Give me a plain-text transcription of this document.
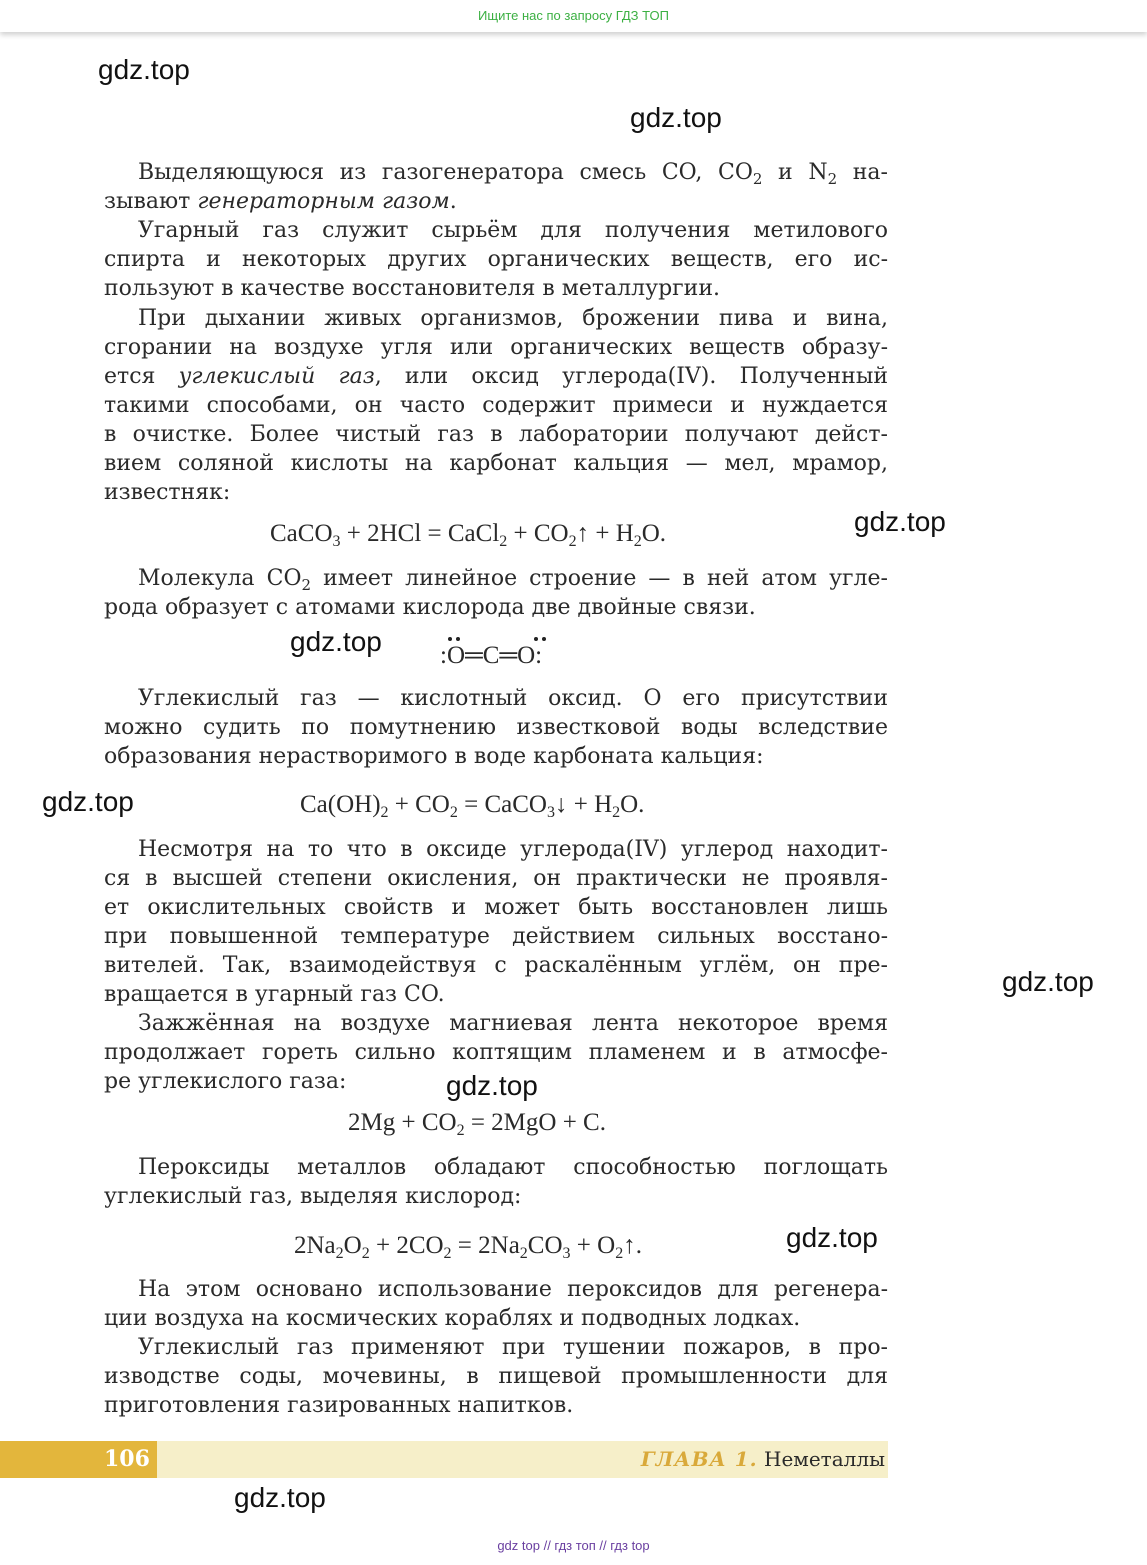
Ищите нас по запросу ГДЗ ТОП
gdz.top
gdz.top
gdz.top
gdz.top
gdz.top
gdz.top
gdz.top
gdz.top
gdz.top
Выделяющуюся из газогенератора смесь CO, $CO_2$ и $N_2$ на-
зывают генераторным газом.
Угарный газ служит сырьём для получения метилового
спирта и некоторых других органических веществ, его ис-
пользуют в качестве восстановителя в металлургии.
При дыхании живых организмов, брожении пива и вина,
сгорании на воздухе угля или органических веществ образу-
ется углекислый газ, или оксид углерода(IV). Полученный
такими способами, он часто содержит примеси и нуждается
в очистке. Более чистый газ в лаборатории получают дейст-
вием соляной кислоты на карбонат кальция — мел, мрамор,
известняк:
CaCO$_3$ + 2HCl = CaCl$_2$ + $CO_2↑ + H_2O$.
Молекула $CO_2$ имеет линейное строение — в ней атом угле-
рода образует с атомами кислорода две двойные связи.
:O═C═O:
Углекислый газ — кислотный оксид. О его присутствии
можно судить по помутнению известковой воды вследствие
образования нерастворимого в воде карбоната кальция:
$Ca(OH)_2 + CO_2$ = CaCO$_3$↓ + $H_2O$.
Несмотря на то что в оксиде углерода(IV) углерод находит-
ся в высшей степени окисления, он практически не проявля-
ет окислительных свойств и может быть восстановлен лишь
при повышенной температуре действием сильных восстано-
вителей. Так, взаимодействуя с раскалённым углём, он пре-
вращается в угарный газ CO.
Зажжённая на воздухе магниевая лента некоторое время
продолжает гореть сильно коптящим пламенем и в атмосфе-
ре углекислого газа:
$2Mg + CO_2 = 2MgO + C$.
Пероксиды металлов обладают способностью поглощать
углекислый газ, выделяя кислород:
$2Na_2O_2 + 2CO_2 = 2Na_2CO_3$ + $O_2↑$.
На этом основано использование пероксидов для регенера-
ции воздуха на космических кораблях и подводных лодках.
Углекислый газ применяют при тушении пожаров, в про-
изводстве соды, мочевины, в пищевой промышленности для
приготовления газированных напитков.
106	ГЛАВА 1. Неметаллы
gdz top // гдз топ // гдз top
